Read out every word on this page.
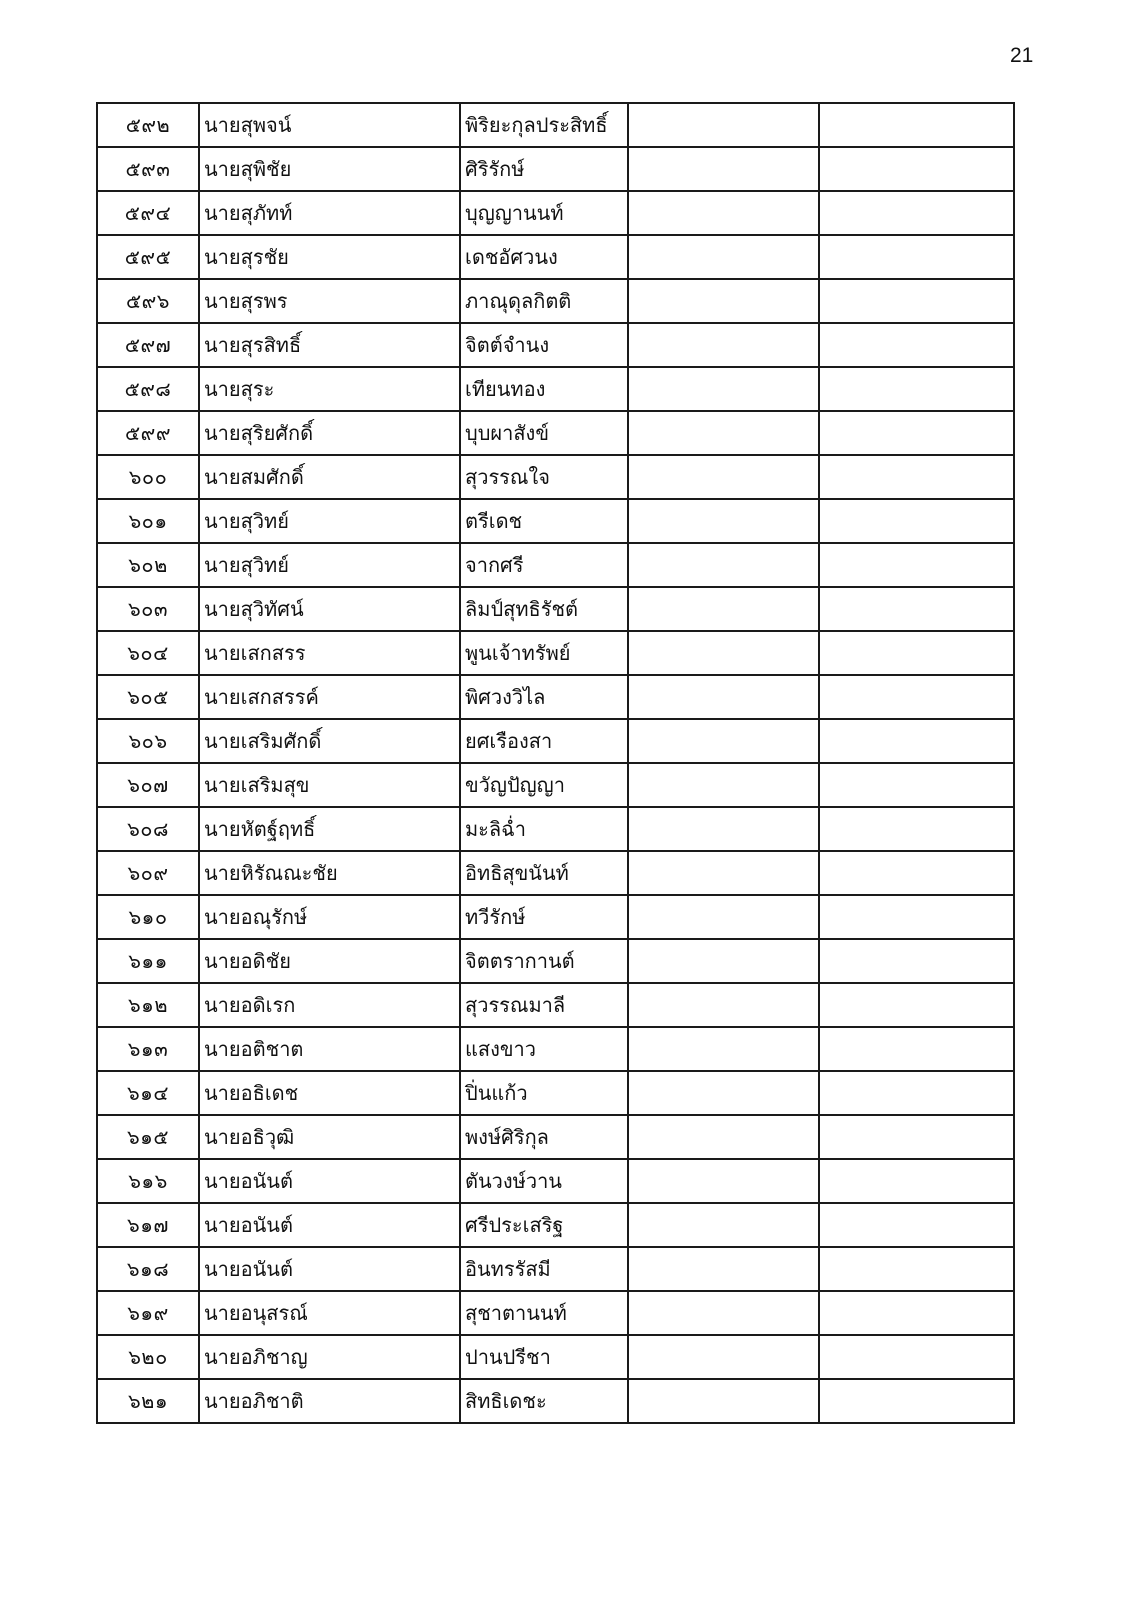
21
๕๙๒	นายสุพจน์	พิริยะกุลประสิทธิ์		
๕๙๓	นายสุพิชัย	ศิริรักษ์		
๕๙๔	นายสุภัทท์	บุญญานนท์		
๕๙๕	นายสุรชัย	เดชอัศวนง		
๕๙๖	นายสุรพร	ภาณุดุลกิตติ		
๕๙๗	นายสุรสิทธิ์	จิตต์จำนง		
๕๙๘	นายสุระ	เทียนทอง		
๕๙๙	นายสุริยศักดิ์	บุบผาสังข์		
๖๐๐	นายสมศักดิ์	สุวรรณใจ		
๖๐๑	นายสุวิทย์	ตรีเดช		
๖๐๒	นายสุวิทย์	จากศรี		
๖๐๓	นายสุวิทัศน์	ลิมป์สุทธิรัชต์		
๖๐๔	นายเสกสรร	พูนเจ้าทรัพย์		
๖๐๕	นายเสกสรรค์	พิศวงวิไล		
๖๐๖	นายเสริมศักดิ์	ยศเรืองสา		
๖๐๗	นายเสริมสุข	ขวัญปัญญา		
๖๐๘	นายหัตฐ์ฤทธิ์	มะลิฉ่ำ		
๖๐๙	นายหิรัณณะชัย	อิทธิสุขนันท์		
๖๑๐	นายอณุรักษ์	ทวีรักษ์		
๖๑๑	นายอดิชัย	จิตตรากานต์		
๖๑๒	นายอดิเรก	สุวรรณมาลี		
๖๑๓	นายอติชาต	แสงขาว		
๖๑๔	นายอธิเดช	ปิ่นแก้ว		
๖๑๕	นายอธิวุฒิ	พงษ์ศิริกุล		
๖๑๖	นายอนันต์	ตันวงษ์วาน		
๖๑๗	นายอนันต์	ศรีประเสริฐ		
๖๑๘	นายอนันต์	อินทรรัสมี		
๖๑๙	นายอนุสรณ์	สุชาตานนท์		
๖๒๐	นายอภิชาญ	ปานปรีชา		
๖๒๑	นายอภิชาติ	สิทธิเดชะ		
